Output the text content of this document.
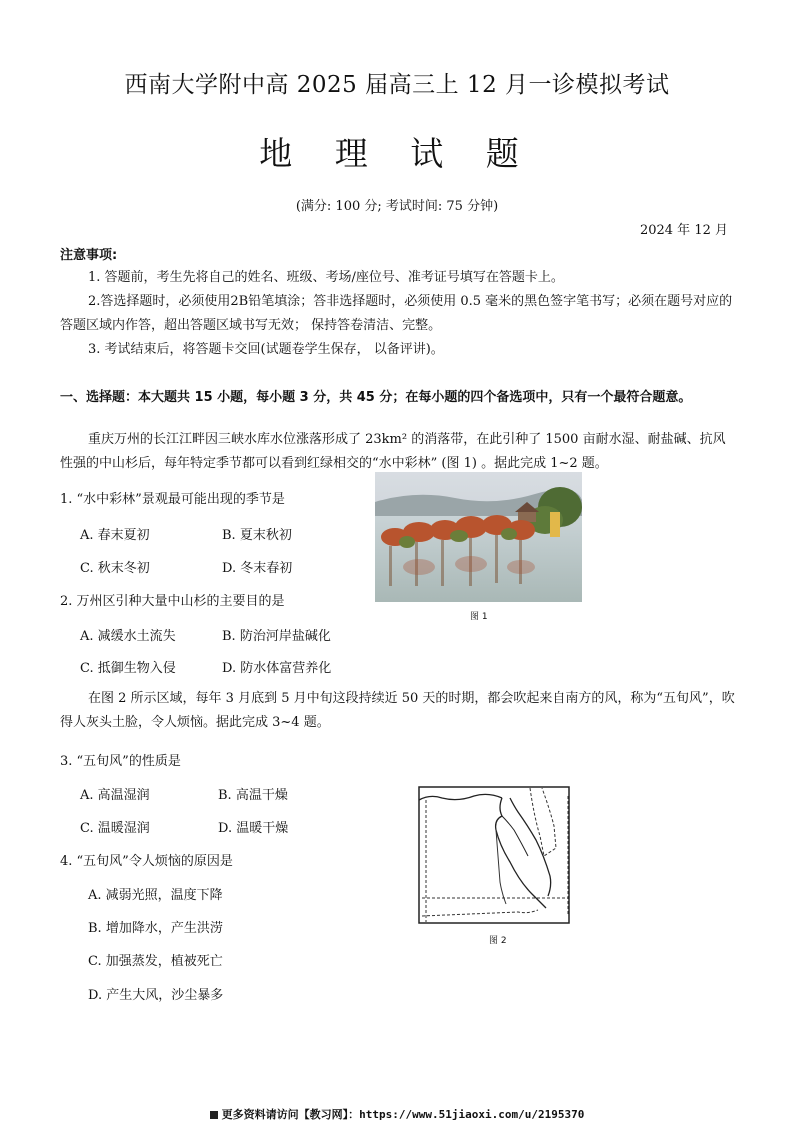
西南大学附中高 2025 届高三上 12 月一诊模拟考试
地 理 试 题
(满分: 100 分; 考试时间: 75 分钟)
2024 年 12 月
注意事项:
1. 答题前，考生先将自己的姓名、班级、考场/座位号、准考证号填写在答题卡上。
2.答选择题时，必须使用2B铅笔填涂；答非选择题时，必须使用 0.5 毫米的黑色签字笔书写；必须在题号对应的答题区域内作答，超出答题区域书写无效； 保持答卷清洁、完整。
3. 考试结束后，将答题卡交回(试题卷学生保存， 以备评讲)。
一、选择题：本大题共 15 小题，每小题 3 分，共 45 分；在每小题的四个备选项中，只有一个最符合题意。
重庆万州的长江江畔因三峡水库水位涨落形成了 23km² 的消落带，在此引种了 1500 亩耐水湿、耐盐碱、抗风性强的中山杉后，每年特定季节都可以看到红绿相交的“水中彩林” (图 1) 。据此完成 1~2 题。
1. “水中彩林”景观最可能出现的季节是
A. 春末夏初	B. 夏末秋初
C. 秋末冬初	D. 冬末春初
2. 万州区引种大量中山杉的主要目的是
A. 减缓水土流失	B. 防治河岸盐碱化
C. 抵御生物入侵	D. 防水体富营养化
图 1
在图 2 所示区域，每年 3 月底到 5 月中旬这段持续近 50 天的时期，都会吹起来自南方的风，称为“五旬风”，吹得人灰头土脸，令人烦恼。据此完成 3~4 题。
3. “五旬风”的性质是
A. 高温湿润	B. 高温干燥
C. 温暖湿润	D. 温暖干燥
4. “五旬风”令人烦恼的原因是
A. 减弱光照，温度下降
B. 增加降水，产生洪涝
C. 加强蒸发，植被死亡
D. 产生大风，沙尘暴多
图 2
更多资料请访问【教习网】：https://www.51jiaoxi.com/u/2195370
